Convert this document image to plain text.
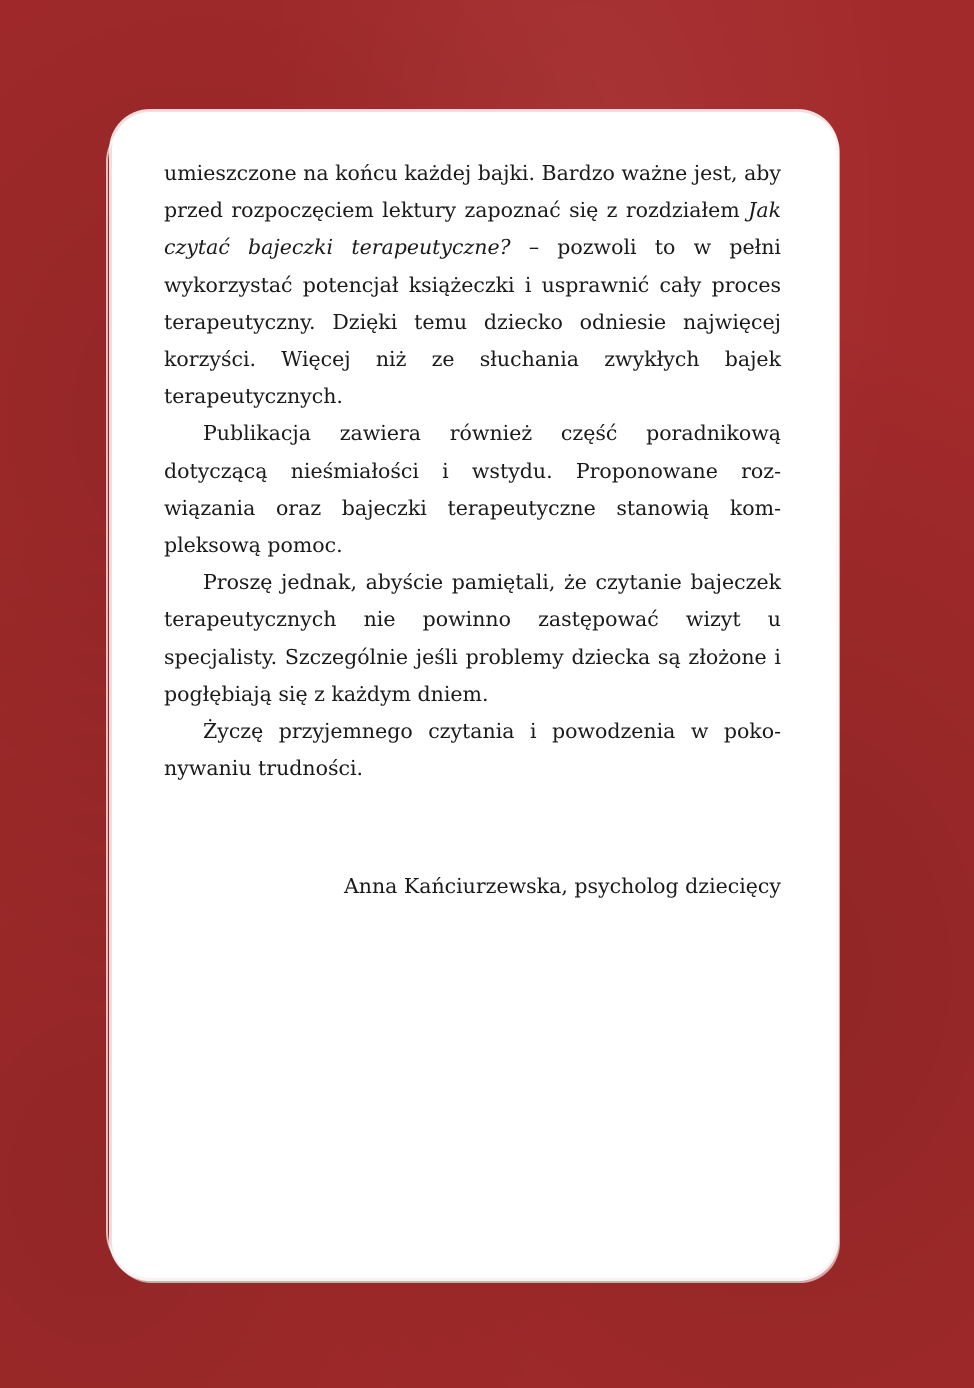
umieszczone na końcu każdej bajki. Bardzo ważne jest, aby przed rozpoczęciem lektury zapoznać się z rozdziałem Jak czytać bajeczki terapeutyczne? – pozwoli to w pełni wykorzystać potencjał książeczki i usprawnić cały proces terapeutyczny. Dzięki temu dziecko odniesie najwięcej korzyści. Więcej niż ze słuchania zwykłych bajek terapeutycznych.

Publikacja zawiera również część poradnikową dotyczącą nieśmiałości i wstydu. Proponowane rozwiązania oraz bajeczki terapeutyczne stanowią kompleksową pomoc.

Proszę jednak, abyście pamiętali, że czytanie bajeczek terapeutycznych nie powinno zastępować wizyt u specjalisty. Szczególnie jeśli problemy dziecka są złożone i pogłębiają się z każdym dniem.

Życzę przyjemnego czytania i powodzenia w pokonywaniu trudności.

Anna Kańciurzewska, psycholog dziecięcy
